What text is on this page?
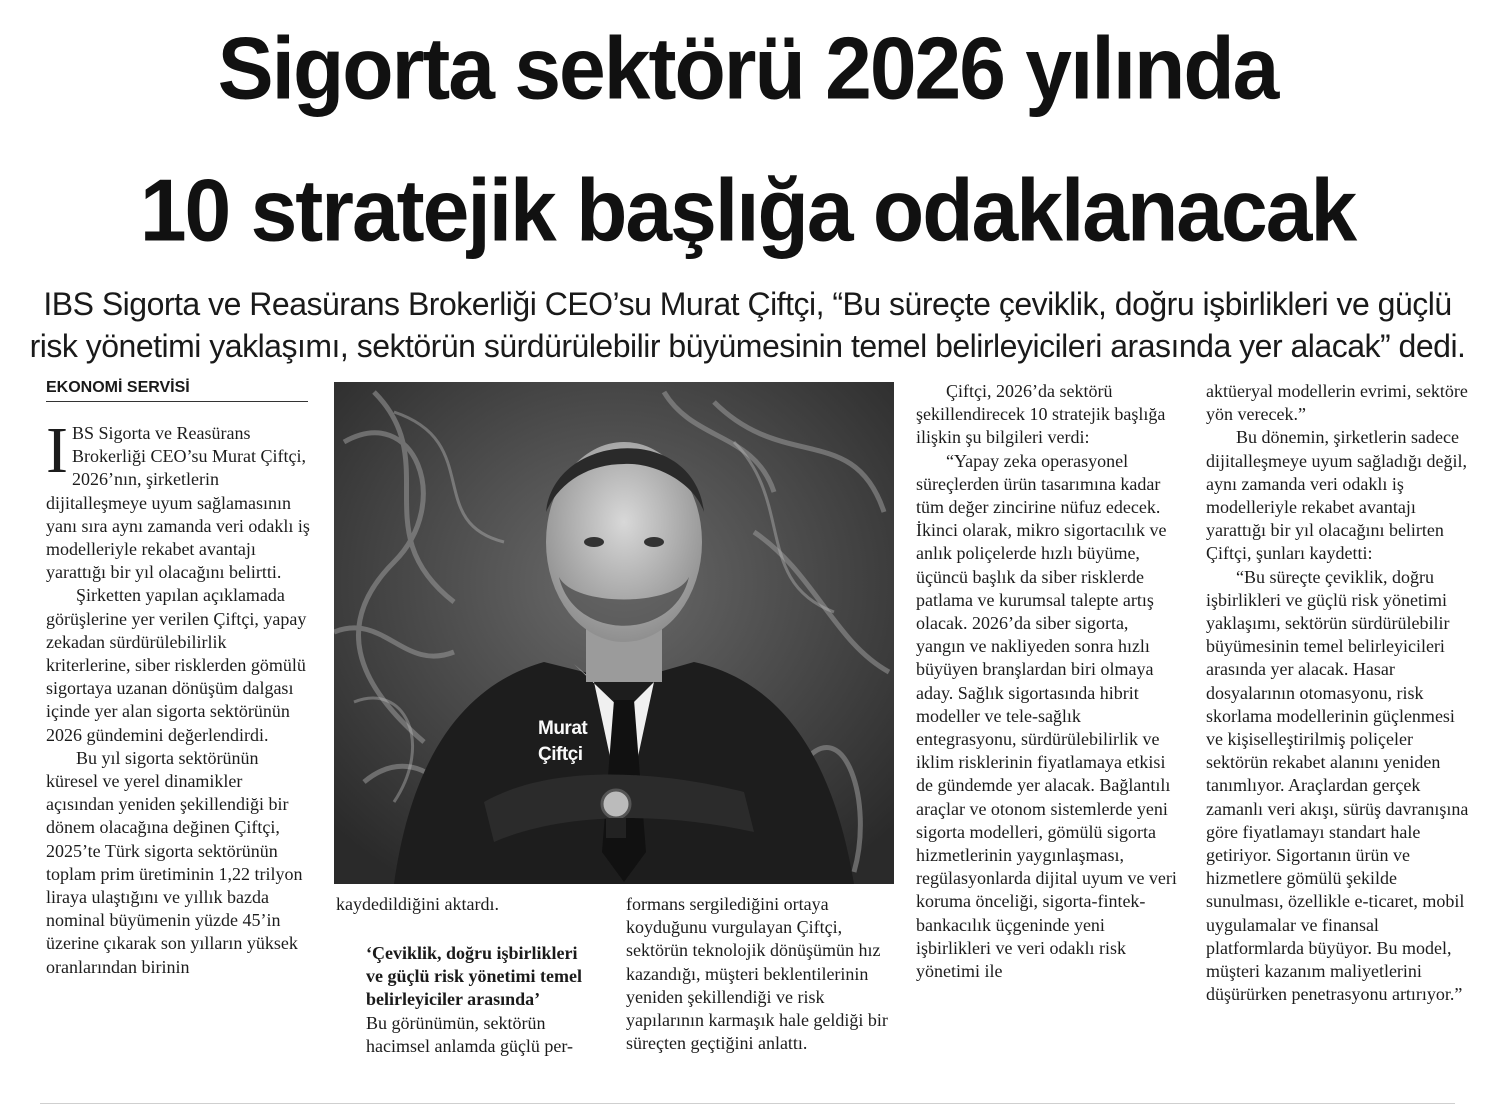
Sigorta sektörü 2026 yılında
10 stratejik başlığa odaklanacak
IBS Sigorta ve Reasürans Brokerliği CEO’su Murat Çiftçi, “Bu süreçte çeviklik, doğru işbirlikleri ve güçlü
risk yönetimi yaklaşımı, sektörün sürdürülebilir büyümesinin temel belirleyicileri arasında yer alacak” dedi.
EKONOMİ SERVİSİ

IBS Sigorta ve Reasürans Brokerliği CEO’su Murat Çiftçi, 2026’nın, şirketlerin dijitalleşmeye uyum sağlamasının yanı sıra aynı zamanda veri odaklı iş modelleriyle rekabet avantajı yarattığı bir yıl olacağını belirtti.

Şirketten yapılan açıklamada görüşlerine yer verilen Çiftçi, yapay zekadan sürdürülebilirlik kriterlerine, siber risklerden gömülü sigortaya uzanan dönüşüm dalgası içinde yer alan sigorta sektörünün 2026 gündemini değerlendirdi.

Bu yıl sigorta sektörünün küresel ve yerel dinamikler açısından yeniden şekillendiği bir dönem olacağına değinen Çiftçi, 2025’te Türk sigorta sektörünün toplam prim üretiminin 1,22 trilyon liraya ulaştığını ve yıllık bazda nominal büyümenin yüzde 45’in üzerine çıkarak son yılların yüksek oranlarından birinin

Murat
Çiftçi

kaydedildiğini aktardı.

‘Çeviklik, doğru işbirlikleri ve güçlü risk yönetimi temel belirleyiciler arasında’

Bu görünümün, sektörün hacimsel anlamda güçlü per-

formans sergilediğini ortaya koyduğunu vurgulayan Çiftçi, sektörün teknolojik dönüşümün hız kazandığı, müşteri beklentilerinin yeniden şekillendiği ve risk yapılarının karmaşık hale geldiği bir süreçten geçtiğini anlattı.

Çiftçi, 2026’da sektörü şekillendirecek 10 stratejik başlığa ilişkin şu bilgileri verdi:

“Yapay zeka operasyonel süreçlerden ürün tasarımına kadar tüm değer zincirine nüfuz edecek. İkinci olarak, mikro sigortacılık ve anlık poliçelerde hızlı büyüme, üçüncü başlık da siber risklerde patlama ve kurumsal talepte artış olacak. 2026’da siber sigorta, yangın ve nakliyeden sonra hızlı büyüyen branşlardan biri olmaya aday. Sağlık sigortasında hibrit modeller ve tele-sağlık entegrasyonu, sürdürülebilirlik ve iklim risklerinin fiyatlamaya etkisi de gündemde yer alacak. Bağlantılı araçlar ve otonom sistemlerde yeni sigorta modelleri, gömülü sigorta hizmetlerinin yaygınlaşması, regülasyonlarda dijital uyum ve veri koruma önceliği, sigorta-fintek-bankacılık üçgeninde yeni işbirlikleri ve veri odaklı risk yönetimi ile

aktüeryal modellerin evrimi, sektöre yön verecek.”

Bu dönemin, şirketlerin sadece dijitalleşmeye uyum sağladığı değil, aynı zamanda veri odaklı iş modelleriyle rekabet avantajı yarattığı bir yıl olacağını belirten Çiftçi, şunları kaydetti:

“Bu süreçte çeviklik, doğru işbirlikleri ve güçlü risk yönetimi yaklaşımı, sektörün sürdürülebilir büyümesinin temel belirleyicileri arasında yer alacak. Hasar dosyalarının otomasyonu, risk skorlama modellerinin güçlenmesi ve kişiselleştirilmiş poliçeler sektörün rekabet alanını yeniden tanımlıyor. Araçlardan gerçek zamanlı veri akışı, sürüş davranışına göre fiyatlamayı standart hale getiriyor. Sigortanın ürün ve hizmetlere gömülü şekilde sunulması, özellikle e-ticaret, mobil uygulamalar ve finansal platformlarda büyüyor. Bu model, müşteri kazanım maliyetlerini düşürürken penetrasyonu artırıyor.”
